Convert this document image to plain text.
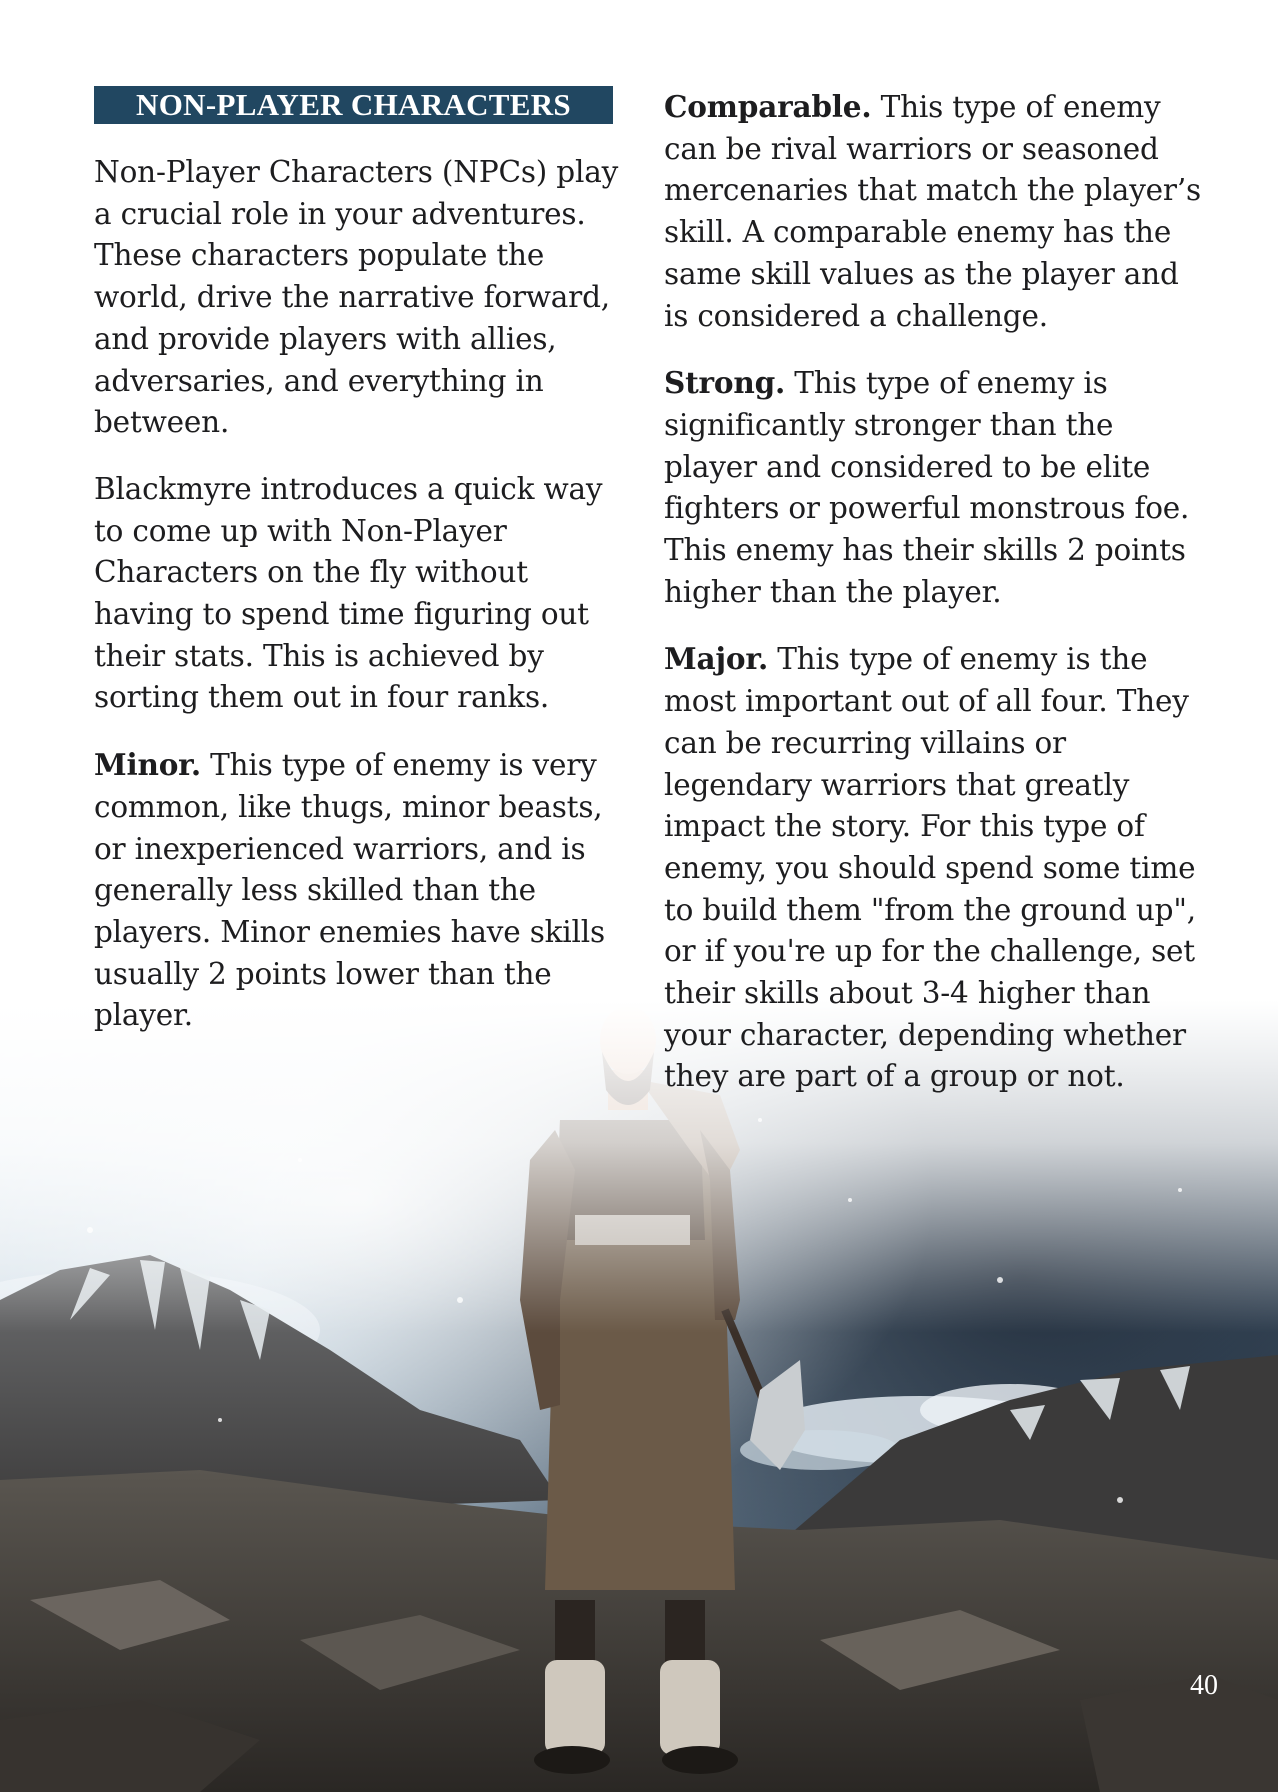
NON-PLAYER CHARACTERS

Non-Player Characters (NPCs) play a crucial role in your adventures. These characters populate the world, drive the narrative forward, and provide players with allies, adversaries, and everything in between.

Blackmyre introduces a quick way to come up with Non-Player Characters on the fly without having to spend time figuring out their stats. This is achieved by sorting them out in four ranks.

Minor. This type of enemy is very common, like thugs, minor beasts, or inexperienced warriors, and is generally less skilled than the players. Minor enemies have skills usually 2 points lower than the player.

Comparable. This type of enemy can be rival warriors or seasoned mercenaries that match the player’s skill. A comparable enemy has the same skill values as the player and is considered a challenge.

Strong. This type of enemy is significantly stronger than the player and considered to be elite fighters or powerful monstrous foe. This enemy has their skills 2 points higher than the player.

Major. This type of enemy is the most important out of all four. They can be recurring villains or legendary warriors that greatly impact the story. For this type of enemy, you should spend some time to build them "from the ground up", or if you're up for the challenge, set their skills about 3-4 higher than your character, depending whether they are part of a group or not.

40
